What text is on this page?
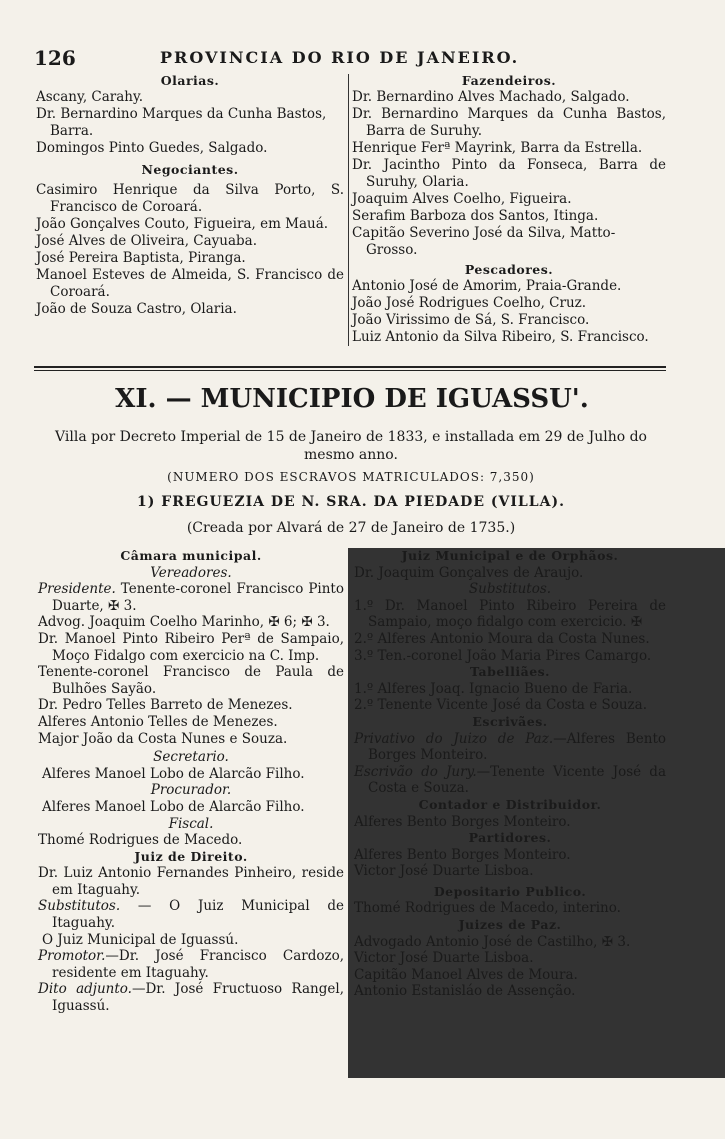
126	PROVINCIA DO RIO DE JANEIRO.
Olarias.
Ascany, Carahy.
Dr. Bernardino Marques da Cunha Bastos, Barra.
Domingos Pinto Guedes, Salgado.
Negociantes.
Casimiro Henrique da Silva Porto, S. Francisco de Coroará.
João Gonçalves Couto, Figueira, em Mauá.
José Alves de Oliveira, Cayuaba.
José Pereira Baptista, Piranga.
Manoel Esteves de Almeida, S. Francisco de Coroará.
João de Souza Castro, Olaria.
Fazendeiros.
Dr. Bernardino Alves Machado, Salgado.
Dr. Bernardino Marques da Cunha Bastos, Barra de Suruhy.
Henrique Ferª Mayrink, Barra da Estrella.
Dr. Jacintho Pinto da Fonseca, Barra de Suruhy, Olaria.
Joaquim Alves Coelho, Figueira.
Serafim Barboza dos Santos, Itinga.
Capitão Severino José da Silva, Matto-Grosso.
Pescadores.
Antonio José de Amorim, Praia-Grande.
João José Rodrigues Coelho, Cruz.
João Virissimo de Sá, S. Francisco.
Luiz Antonio da Silva Ribeiro, S. Francisco.
XI. — MUNICIPIO DE IGUASSU'.
Villa por Decreto Imperial de 15 de Janeiro de 1833, e installada em 29 de Julho do mesmo anno.
(NUMERO DOS ESCRAVOS MATRICULADOS: 7,350)
1) FREGUEZIA DE N. SRA. DA PIEDADE (VILLA).
(Creada por Alvará de 27 de Janeiro de 1735.)
Câmara municipal.
Vereadores.
Presidente. Tenente-coronel Francisco Pinto Duarte, ✠ 3.
Advog. Joaquim Coelho Marinho, ✠ 6; ✠ 3.
Dr. Manoel Pinto Ribeiro Perª de Sampaio, Moço Fidalgo com exercicio na C. Imp.
Tenente-coronel Francisco de Paula de Bulhões Sayão.
Dr. Pedro Telles Barreto de Menezes.
Alferes Antonio Telles de Menezes.
Major João da Costa Nunes e Souza.
Secretario.
Alferes Manoel Lobo de Alarcão Filho.
Procurador.
Alferes Manoel Lobo de Alarcão Filho.
Fiscal.
Thomé Rodrigues de Macedo.
Juiz de Direito.
Dr. Luiz Antonio Fernandes Pinheiro, reside em Itaguahy.
Substitutos. — O Juiz Municipal de Itaguahy.
O Juiz Municipal de Iguassú.
Promotor.—Dr. José Francisco Cardozo, residente em Itaguahy.
Dito adjunto.—Dr. José Fructuoso Rangel, Iguassú.
Juiz Municipal e de Orphãos.
Dr. Joaquim Gonçalves de Araujo.
Substitutos.
1.º Dr. Manoel Pinto Ribeiro Pereira de Sampaio, moço fidalgo com exercicio. ✠
2.º Alferes Antonio Moura da Costa Nunes.
3.º Ten.-coronel João Maria Pires Camargo.
Tabelliães.
1.º Alferes Joaq. Ignacio Bueno de Faria.
2.º Tenente Vicente José da Costa e Souza.
Escrivães.
Privativo do Juizo de Paz.—Alferes Bento Borges Monteiro.
Escrivão do Jury.—Tenente Vicente José da Costa e Souza.
Contador e Distribuidor.
Alferes Bento Borges Monteiro.
Partidores.
Alferes Bento Borges Monteiro.
Victor José Duarte Lisboa.
Depositario Publico.
Thomé Rodrigues de Macedo, interino.
Juizes de Paz.
Advogado Antonio José de Castilho, ✠ 3.
Victor José Duarte Lisboa.
Capitão Manoel Alves de Moura.
Antonio Estanisláo de Assenção.
